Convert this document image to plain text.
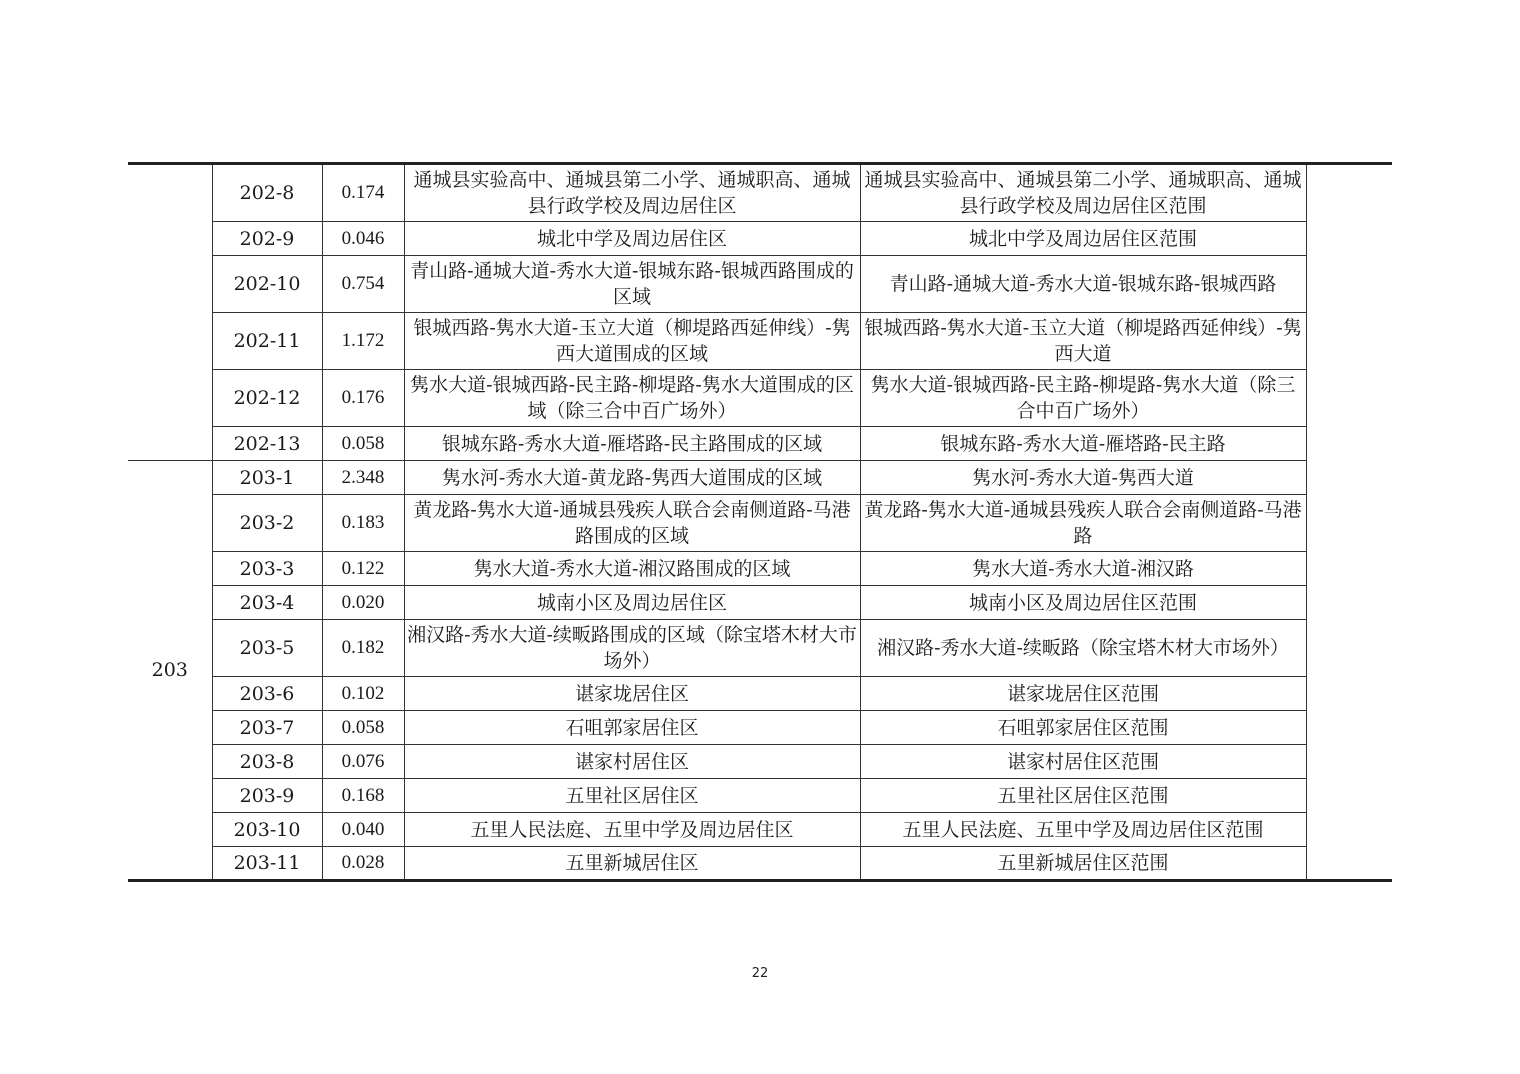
	202-8	0.174	通城县实验高中、通城县第二小学、通城职高、通城县行政学校及周边居住区	通城县实验高中、通城县第二小学、通城职高、通城县行政学校及周边居住区范围	
	202-9	0.046	城北中学及周边居住区	城北中学及周边居住区范围	
	202-10	0.754	青山路-通城大道-秀水大道-银城东路-银城西路围成的区域	青山路-通城大道-秀水大道-银城东路-银城西路	
	202-11	1.172	银城西路-隽水大道-玉立大道（柳堤路西延伸线）-隽西大道围成的区域	银城西路-隽水大道-玉立大道（柳堤路西延伸线）-隽西大道	
	202-12	0.176	隽水大道-银城西路-民主路-柳堤路-隽水大道围成的区域（除三合中百广场外）	隽水大道-银城西路-民主路-柳堤路-隽水大道（除三合中百广场外）	
	202-13	0.058	银城东路-秀水大道-雁塔路-民主路围成的区域	银城东路-秀水大道-雁塔路-民主路	
203	203-1	2.348	隽水河-秀水大道-黄龙路-隽西大道围成的区域	隽水河-秀水大道-隽西大道	
	203-2	0.183	黄龙路-隽水大道-通城县残疾人联合会南侧道路-马港路围成的区域	黄龙路-隽水大道-通城县残疾人联合会南侧道路-马港路	
	203-3	0.122	隽水大道-秀水大道-湘汉路围成的区域	隽水大道-秀水大道-湘汉路	
	203-4	0.020	城南小区及周边居住区	城南小区及周边居住区范围	
	203-5	0.182	湘汉路-秀水大道-续畈路围成的区域（除宝塔木材大市场外）	湘汉路-秀水大道-续畈路（除宝塔木材大市场外）	
	203-6	0.102	谌家垅居住区	谌家垅居住区范围	
	203-7	0.058	石咀郭家居住区	石咀郭家居住区范围	
	203-8	0.076	谌家村居住区	谌家村居住区范围	
	203-9	0.168	五里社区居住区	五里社区居住区范围	
	203-10	0.040	五里人民法庭、五里中学及周边居住区	五里人民法庭、五里中学及周边居住区范围	
	203-11	0.028	五里新城居住区	五里新城居住区范围	
22
